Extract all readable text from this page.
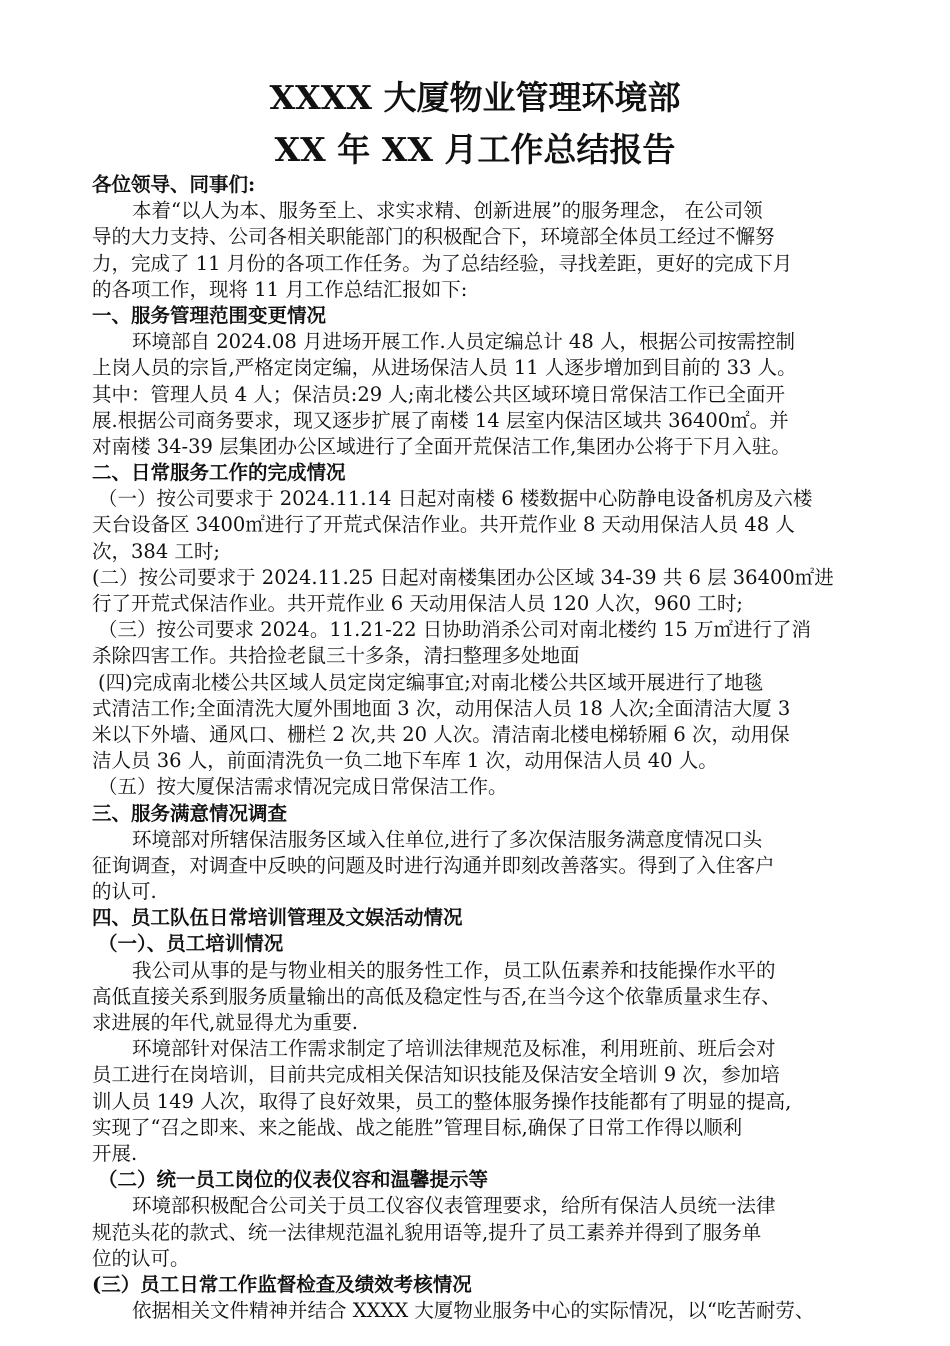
XXXX 大厦物业管理环境部
XX 年 XX 月工作总结报告
各位领导、同事们:
本着“以人为本、服务至上、求实求精、创新进展”的服务理念， 在公司领
导的大力支持、公司各相关职能部门的积极配合下，环境部全体员工经过不懈努
力，完成了 11 月份的各项工作任务。为了总结经验，寻找差距，更好的完成下月
的各项工作，现将 11 月工作总结汇报如下:
一、服务管理范围变更情况
环境部自 2024.08 月进场开展工作.人员定编总计 48 人，根据公司按需控制
上岗人员的宗旨,严格定岗定编，从进场保洁人员 11 人逐步增加到目前的 33 人。
其中：管理人员 4 人；保洁员:29 人;南北楼公共区域环境日常保洁工作已全面开
展.根据公司商务要求，现又逐步扩展了南楼 14 层室内保洁区域共 36400㎡。并
对南楼 34-39 层集团办公区域进行了全面开荒保洁工作,集团办公将于下月入驻。
二、日常服务工作的完成情况
（一）按公司要求于 2024.11.14 日起对南楼 6 楼数据中心防静电设备机房及六楼
天台设备区 3400㎡进行了开荒式保洁作业。共开荒作业 8 天动用保洁人员 48 人
次，384 工时;
(二）按公司要求于 2024.11.25 日起对南楼集团办公区域 34-39 共 6 层 36400㎡进
行了开荒式保洁作业。共开荒作业 6 天动用保洁人员 120 人次，960 工时;
（三）按公司要求 2024。11.21-22 日协助消杀公司对南北楼约 15 万㎡进行了消
杀除四害工作。共拾捡老鼠三十多条，清扫整理多处地面
(四)完成南北楼公共区域人员定岗定编事宜;对南北楼公共区域开展进行了地毯
式清洁工作;全面清洗大厦外围地面 3 次，动用保洁人员 18 人次;全面清洁大厦 3
米以下外墙、通风口、栅栏 2 次,共 20 人次。清洁南北楼电梯轿厢 6 次，动用保
洁人员 36 人，前面清洗负一负二地下车库 1 次，动用保洁人员 40 人。
（五）按大厦保洁需求情况完成日常保洁工作。
三、服务满意情况调查
环境部对所辖保洁服务区域入住单位,进行了多次保洁服务满意度情况口头
征询调查，对调查中反映的问题及时进行沟通并即刻改善落实。得到了入住客户
的认可.
四、员工队伍日常培训管理及文娱活动情况
（一）、员工培训情况
我公司从事的是与物业相关的服务性工作，员工队伍素养和技能操作水平的
高低直接关系到服务质量输出的高低及稳定性与否,在当今这个依靠质量求生存、
求进展的年代,就显得尤为重要.
环境部针对保洁工作需求制定了培训法律规范及标准，利用班前、班后会对
员工进行在岗培训，目前共完成相关保洁知识技能及保洁安全培训 9 次，参加培
训人员 149 人次，取得了良好效果，员工的整体服务操作技能都有了明显的提高,
实现了“召之即来、来之能战、战之能胜”管理目标,确保了日常工作得以顺利
开展.
（二）统一员工岗位的仪表仪容和温馨提示等
环境部积极配合公司关于员工仪容仪表管理要求，给所有保洁人员统一法律
规范头花的款式、统一法律规范温礼貌用语等,提升了员工素养并得到了服务单
位的认可。
(三）员工日常工作监督检查及绩效考核情况
依据相关文件精神并结合 XXXX 大厦物业服务中心的实际情况，以“吃苦耐劳、
